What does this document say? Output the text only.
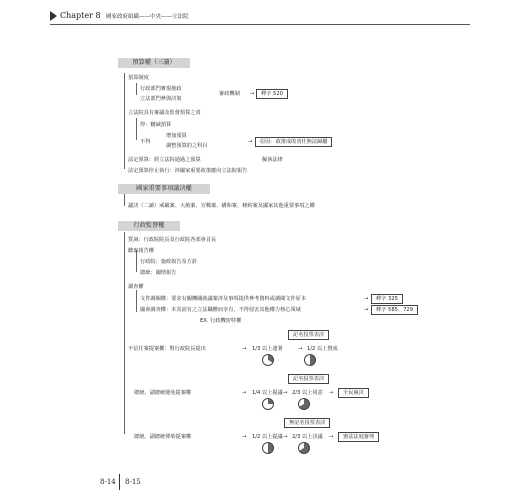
Chapter 8 國家政府組織——中央——立法院
預算權（三讀）
預算制度
行政部門實現施政
立法部門參與決策
審政機制 →	釋字 520
立法院具有審議及監督預算之責
得：刪減預算
不得
增加預算
調整預算的之科目
→	原因：政策成敗責任無法歸屬
法定預算：經立法院通過之預算	擬執法律
法定預算停止執行：涉國家重要政策應向立法院報告
國家重要事項議決權
議決（二讀）戒嚴案、大赦案、宣戰案、媾和案、條約案及國家其他重要事項之權
行政監督權
質詢：行政院院長及行政院各部會首長
聽取報告權
行政院：施政報告及方針
總統：國情報告
調查權
文件調閱權：要求有關機關就議案涉及事項提供參考資料或調閱文件原本	→	釋字 325
國會調查權：本其固有之立法職權而享有，不得侵害其他權力核心領域	→	釋字 585、729
EX. 行政機密特權
記名投票表決
不信任案提案權：對行政院長提出	→ 1/3 以上連署	→ 1/2 以上贊成
記名投票表決
總統、副總統罷免提案權	→ 1/4 以上提議 → 2/3 以上同意 →	全民複決
無記名投票表決
總統、副總統彈劾提案權	→ 1/2 以上提議 → 2/3 以上決議 →	憲法法庭審理
8-14 8-15
